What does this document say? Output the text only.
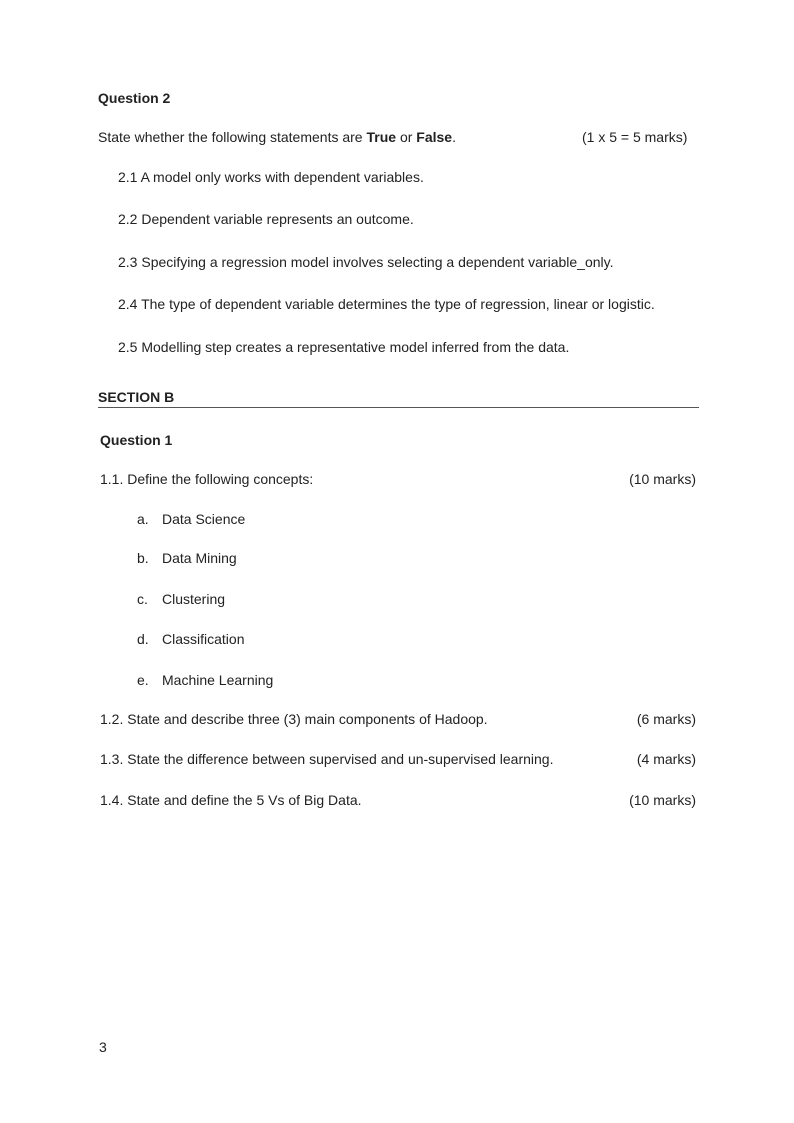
Question 2
State whether the following statements are True or False.	(1 x 5 = 5 marks)
2.1 A model only works with dependent variables.
2.2 Dependent variable represents an outcome.
2.3 Specifying a regression model involves selecting a dependent variable_only.
2.4 The type of dependent variable determines the type of regression, linear or logistic.
2.5 Modelling step creates a representative model inferred from the data.
SECTION B
Question 1
1.1. Define the following concepts:	(10 marks)
a. Data Science
b. Data Mining
c. Clustering
d. Classification
e. Machine Learning
1.2. State and describe three (3) main components of Hadoop.	(6 marks)
1.3. State the difference between supervised and un-supervised learning.	(4 marks)
1.4. State and define the 5 Vs of Big Data.	(10 marks)
3
